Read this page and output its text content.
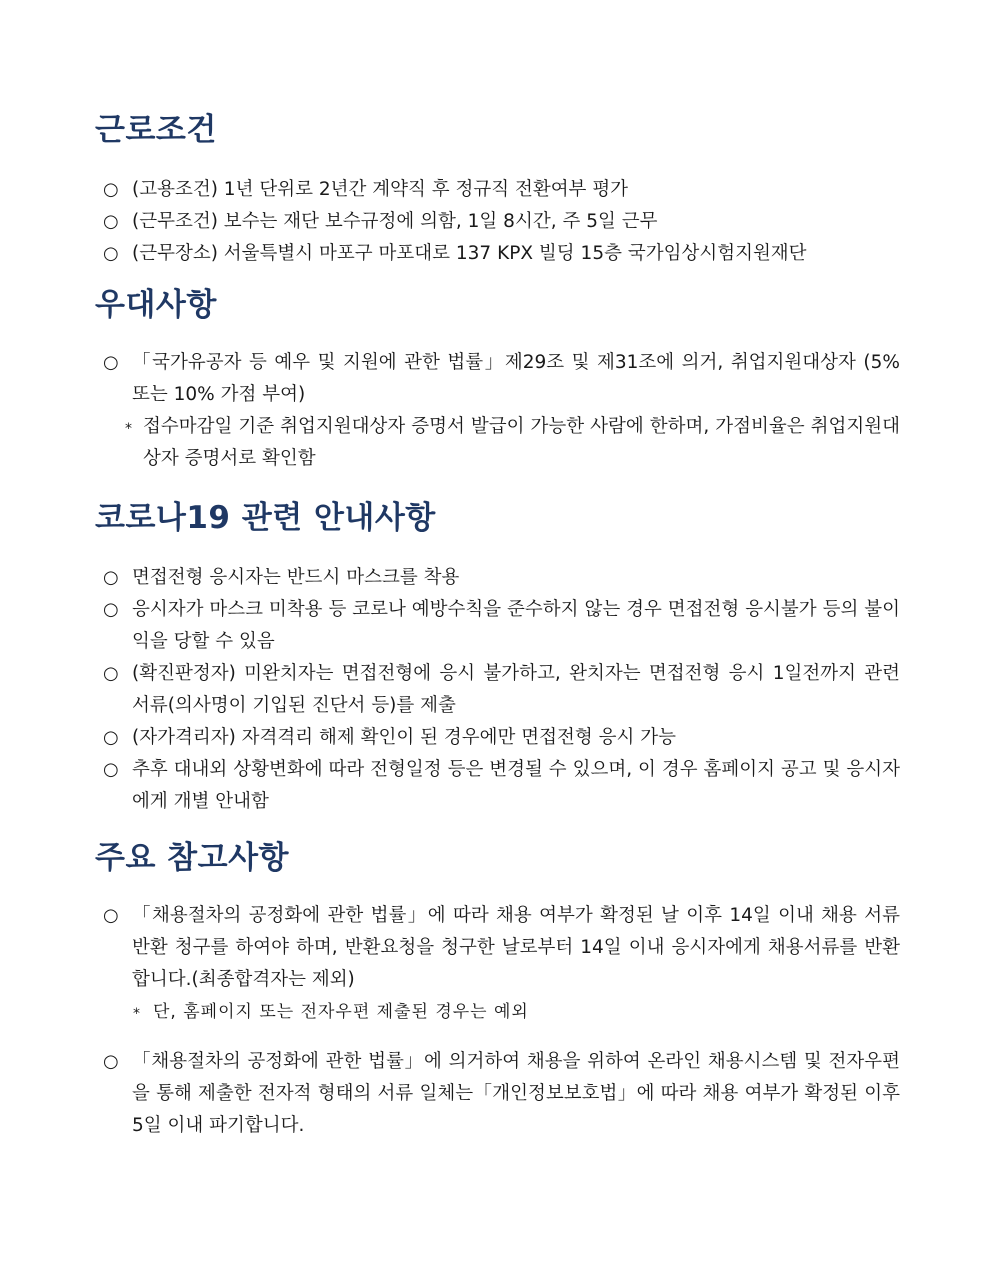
근로조건
○ (고용조건) 1년 단위로 2년간 계약직 후 정규직 전환여부 평가
○ (근무조건) 보수는 재단 보수규정에 의함, 1일 8시간, 주 5일 근무
○ (근무장소) 서울특별시 마포구 마포대로 137 KPX 빌딩 15층 국가임상시험지원재단
우대사항
○ 「국가유공자 등 예우 및 지원에 관한 법률」제29조 및 제31조에 의거, 취업지원대상자 (5% 또는 10% 가점 부여)
* 접수마감일 기준 취업지원대상자 증명서 발급이 가능한 사람에 한하며, 가점비율은 취업지원대상자 증명서로 확인함
코로나19 관련 안내사항
○ 면접전형 응시자는 반드시 마스크를 착용
○ 응시자가 마스크 미착용 등 코로나 예방수칙을 준수하지 않는 경우 면접전형 응시불가 등의 불이익을 당할 수 있음
○ (확진판정자) 미완치자는 면접전형에 응시 불가하고, 완치자는 면접전형 응시 1일전까지 관련 서류(의사명이 기입된 진단서 등)를 제출
○ (자가격리자) 자격격리 해제 확인이 된 경우에만 면접전형 응시 가능
○ 추후 대내외 상황변화에 따라 전형일정 등은 변경될 수 있으며, 이 경우 홈페이지 공고 및 응시자에게 개별 안내함
주요 참고사항
○ 「채용절차의 공정화에 관한 법률」에 따라 채용 여부가 확정된 날 이후 14일 이내 채용 서류 반환 청구를 하여야 하며, 반환요청을 청구한 날로부터 14일 이내 응시자에게 채용서류를 반환합니다.(최종합격자는 제외)
* 단, 홈페이지 또는 전자우편 제출된 경우는 예외
○ 「채용절차의 공정화에 관한 법률」에 의거하여 채용을 위하여 온라인 채용시스템 및 전자우편을 통해 제출한 전자적 형태의 서류 일체는「개인정보보호법」에 따라 채용 여부가 확정된 이후 5일 이내 파기합니다.
